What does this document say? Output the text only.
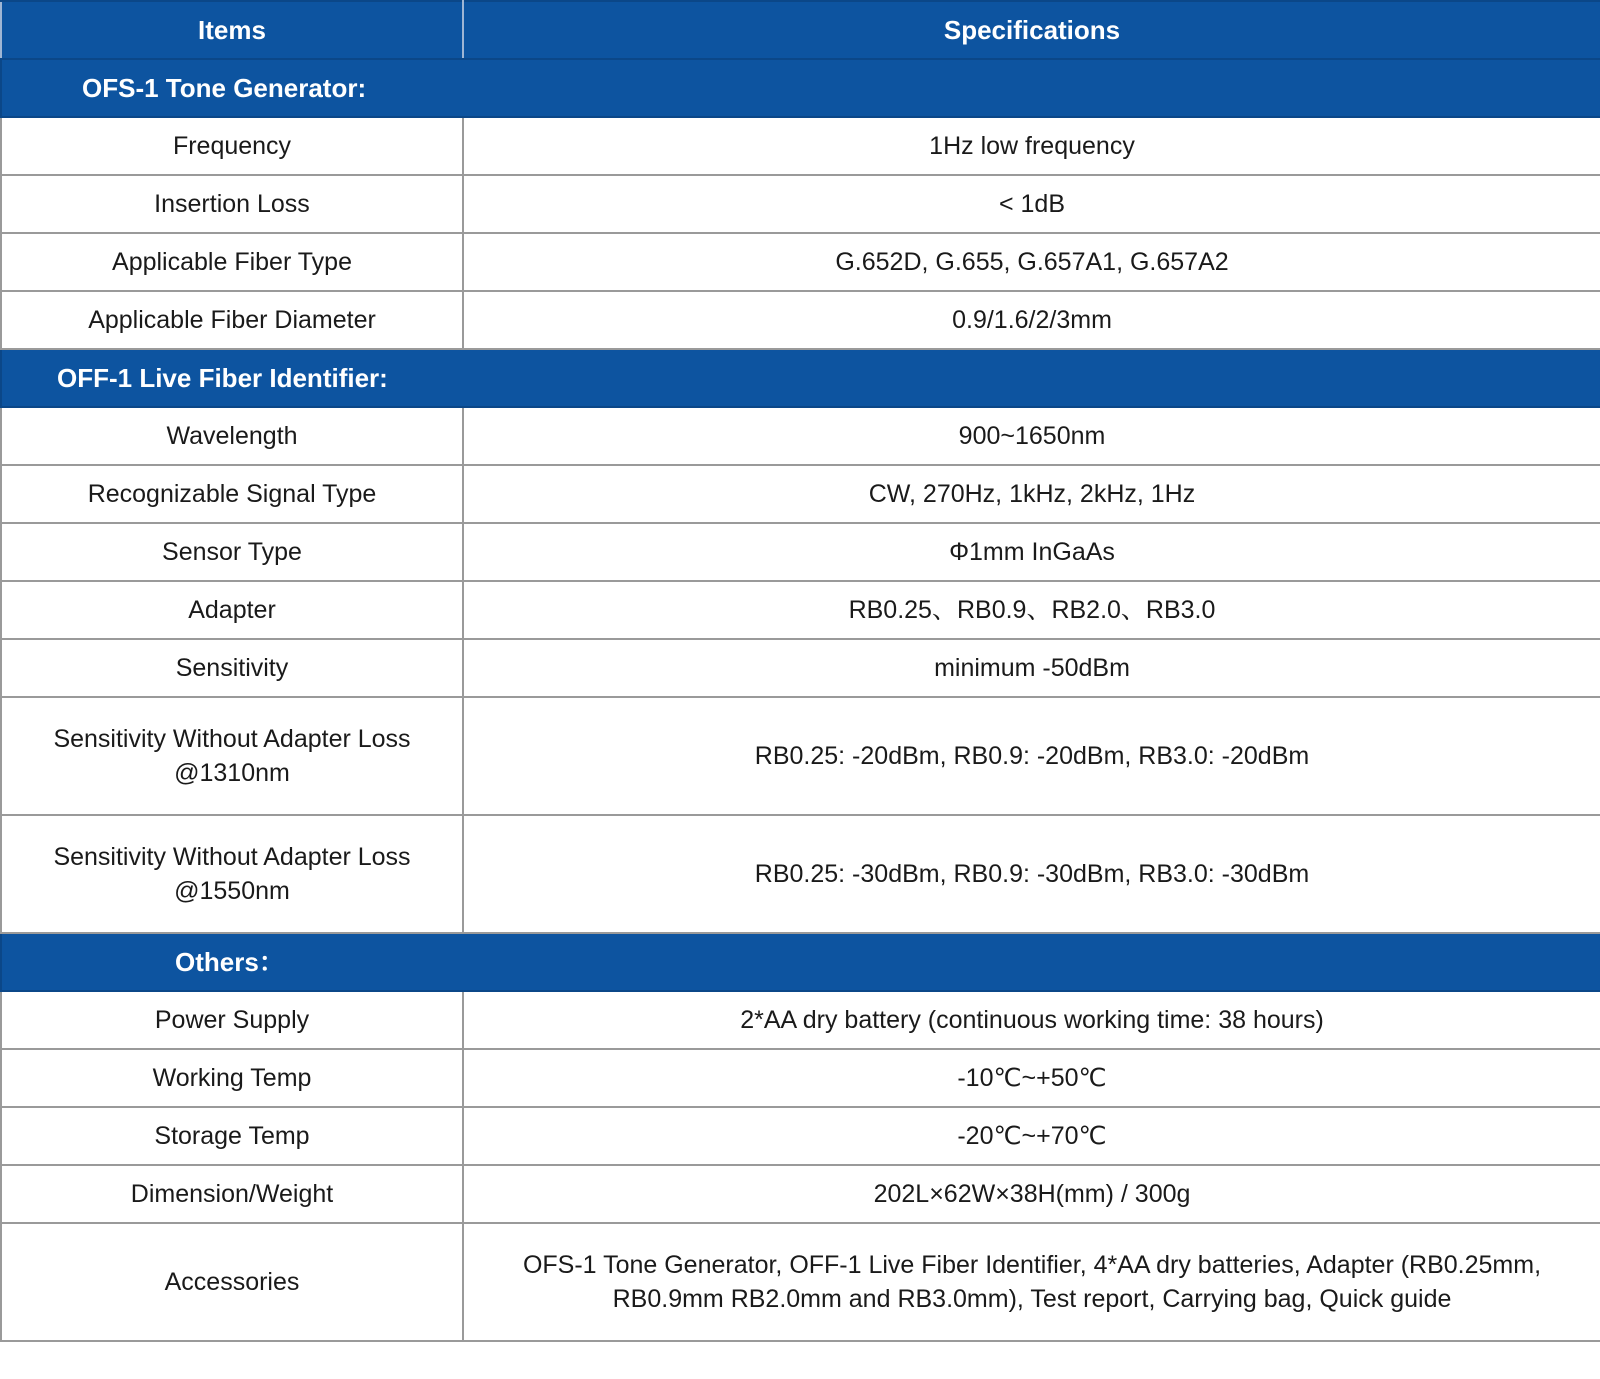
Items	Specifications
OFS-1 Tone Generator:	
Frequency	1Hz low frequency
Insertion Loss	< 1dB
Applicable Fiber Type	G.652D, G.655, G.657A1, G.657A2
Applicable Fiber Diameter	0.9/1.6/2/3mm
OFF-1 Live Fiber Identifier:	
Wavelength	900~1650nm
Recognizable Signal Type	CW, 270Hz, 1kHz, 2kHz, 1Hz
Sensor Type	Φ1mm InGaAs
Adapter	RB0.25、RB0.9、RB2.0、RB3.0
Sensitivity	minimum -50dBm

Sensitivity Without Adapter Loss
@1310nm	RB0.25: -20dBm, RB0.9: -20dBm, RB3.0: -20dBm

Sensitivity Without Adapter Loss
@1550nm	RB0.25: -30dBm, RB0.9: -30dBm, RB3.0: -30dBm
Others：	
Power Supply	2*AA dry battery (continuous working time: 38 hours)
Working Temp	-10℃~+50℃
Storage Temp	-20℃~+70℃
Dimension/Weight	202L×62W×38H(mm) / 300g
Accessories	OFS-1 Tone Generator, OFF-1 Live Fiber Identifier, 4*AA dry batteries, Adapter (RB0.25mm,
RB0.9mm RB2.0mm and RB3.0mm), Test report, Carrying bag, Quick guide
